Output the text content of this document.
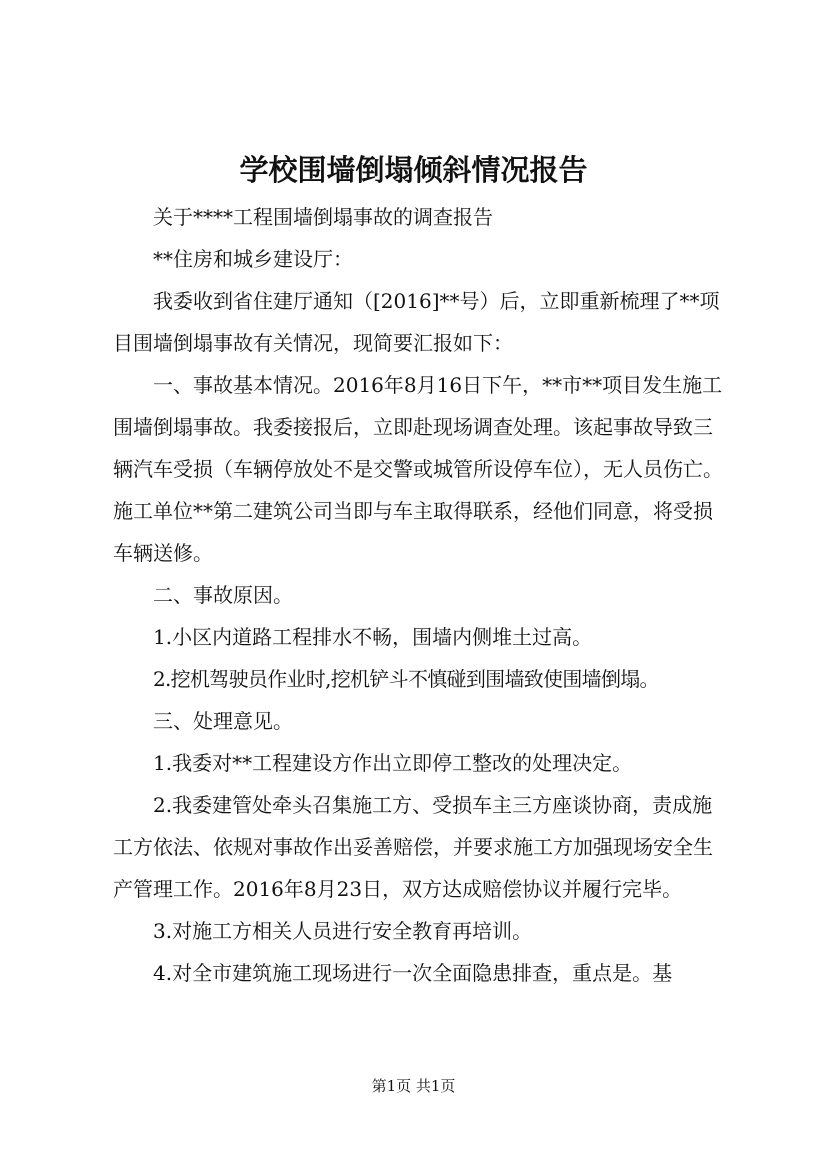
学校围墙倒塌倾斜情况报告

关于****工程围墙倒塌事故的调查报告

**住房和城乡建设厅：

我委收到省住建厅通知（[2016]**号）后，立即重新梳理了**项目围墙倒塌事故有关情况，现简要汇报如下：

一、事故基本情况。2016年8月16日下午，**市**项目发生施工围墙倒塌事故。我委接报后，立即赴现场调查处理。该起事故导致三辆汽车受损（车辆停放处不是交警或城管所设停车位），无人员伤亡。施工单位**第二建筑公司当即与车主取得联系，经他们同意，将受损车辆送修。

二、事故原因。

1.小区内道路工程排水不畅，围墙内侧堆土过高。

2.挖机驾驶员作业时,挖机铲斗不慎碰到围墙致使围墙倒塌。

三、处理意见。

1.我委对**工程建设方作出立即停工整改的处理决定。

2.我委建管处牵头召集施工方、受损车主三方座谈协商，责成施工方依法、依规对事故作出妥善赔偿，并要求施工方加强现场安全生产管理工作。2016年8月23日，双方达成赔偿协议并履行完毕。

3.对施工方相关人员进行安全教育再培训。

4.对全市建筑施工现场进行一次全面隐患排查，重点是。基

第1页 共1页
